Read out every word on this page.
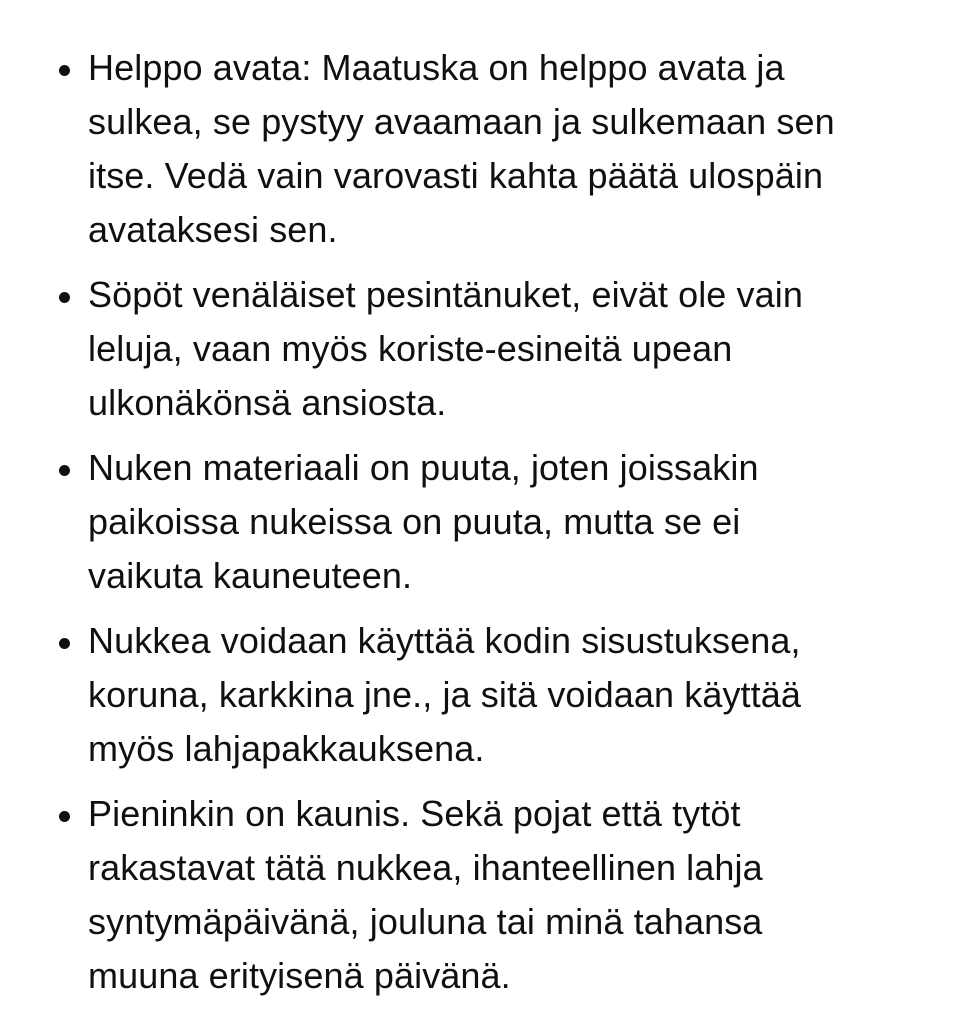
Helppo avata: Maatuska on helppo avata ja
sulkea, se pystyy avaamaan ja sulkemaan sen
itse. Vedä vain varovasti kahta päätä ulospäin
avataksesi sen.
Söpöt venäläiset pesintänuket, eivät ole vain
leluja, vaan myös koriste-esineitä upean
ulkonäkönsä ansiosta.
Nuken materiaali on puuta, joten joissakin
paikoissa nukeissa on puuta, mutta se ei
vaikuta kauneuteen.
Nukkea voidaan käyttää kodin sisustuksena,
koruna, karkkina jne., ja sitä voidaan käyttää
myös lahjapakkauksena.
Pieninkin on kaunis. Sekä pojat että tytöt
rakastavat tätä nukkea, ihanteellinen lahja
syntymäpäivänä, jouluna tai minä tahansa
muuna erityisenä päivänä.
